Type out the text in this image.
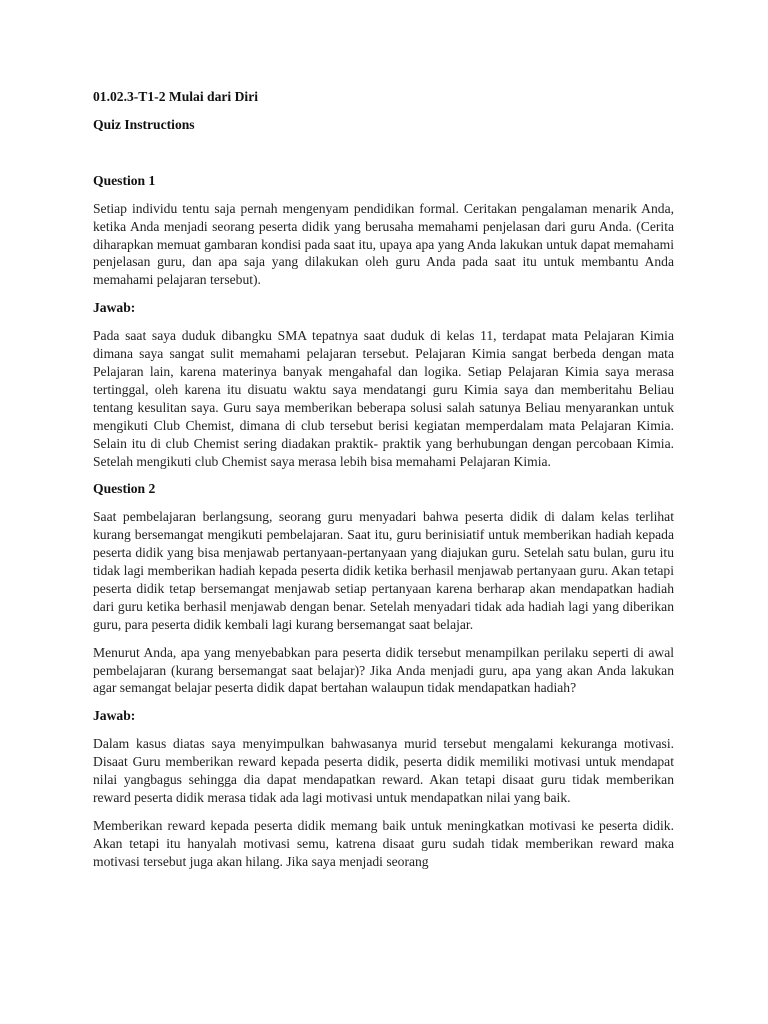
01.02.3-T1-2 Mulai dari Diri

Quiz Instructions

Question 1

Setiap individu tentu saja pernah mengenyam pendidikan formal. Ceritakan pengalaman menarik Anda, ketika Anda menjadi seorang peserta didik yang berusaha memahami penjelasan dari guru Anda. (Cerita diharapkan memuat gambaran kondisi pada saat itu, upaya apa yang Anda lakukan untuk dapat memahami penjelasan guru, dan apa saja yang dilakukan oleh guru Anda pada saat itu untuk membantu Anda memahami pelajaran tersebut).

Jawab:

Pada saat saya duduk dibangku SMA tepatnya saat duduk di kelas 11, terdapat mata Pelajaran Kimia dimana saya sangat sulit memahami pelajaran tersebut. Pelajaran Kimia sangat berbeda dengan mata Pelajaran lain, karena materinya banyak mengahafal dan logika. Setiap Pelajaran Kimia saya merasa tertinggal, oleh karena itu disuatu waktu saya mendatangi guru Kimia saya dan memberitahu Beliau tentang kesulitan saya. Guru saya memberikan beberapa solusi salah satunya Beliau menyarankan untuk mengikuti Club Chemist, dimana di club tersebut berisi kegiatan memperdalam mata Pelajaran Kimia. Selain itu di club Chemist sering diadakan praktik- praktik yang berhubungan dengan percobaan Kimia. Setelah mengikuti club Chemist saya merasa lebih bisa memahami Pelajaran Kimia.

Question 2

Saat pembelajaran berlangsung, seorang guru menyadari bahwa peserta didik di dalam kelas terlihat kurang bersemangat mengikuti pembelajaran. Saat itu, guru berinisiatif untuk memberikan hadiah kepada peserta didik yang bisa menjawab pertanyaan-pertanyaan yang diajukan guru. Setelah satu bulan, guru itu tidak lagi memberikan hadiah kepada peserta didik ketika berhasil menjawab pertanyaan guru. Akan tetapi peserta didik tetap bersemangat menjawab setiap pertanyaan karena berharap akan mendapatkan hadiah dari guru ketika berhasil menjawab dengan benar. Setelah menyadari tidak ada hadiah lagi yang diberikan guru, para peserta didik kembali lagi kurang bersemangat saat belajar.

Menurut Anda, apa yang menyebabkan para peserta didik tersebut menampilkan perilaku seperti di awal pembelajaran (kurang bersemangat saat belajar)? Jika Anda menjadi guru, apa yang akan Anda lakukan agar semangat belajar peserta didik dapat bertahan walaupun tidak mendapatkan hadiah?

Jawab:

Dalam kasus diatas saya menyimpulkan bahwasanya murid tersebut mengalami kekuranga motivasi. Disaat Guru memberikan reward kepada peserta didik, peserta didik memiliki motivasi untuk mendapat nilai yangbagus sehingga dia dapat mendapatkan reward. Akan tetapi disaat guru tidak memberikan reward peserta didik merasa tidak ada lagi motivasi untuk mendapatkan nilai yang baik.

Memberikan reward kepada peserta didik memang baik untuk meningkatkan motivasi ke peserta didik. Akan tetapi itu hanyalah motivasi semu, katrena disaat guru sudah tidak memberikan reward maka motivasi tersebut juga akan hilang. Jika saya menjadi seorang
